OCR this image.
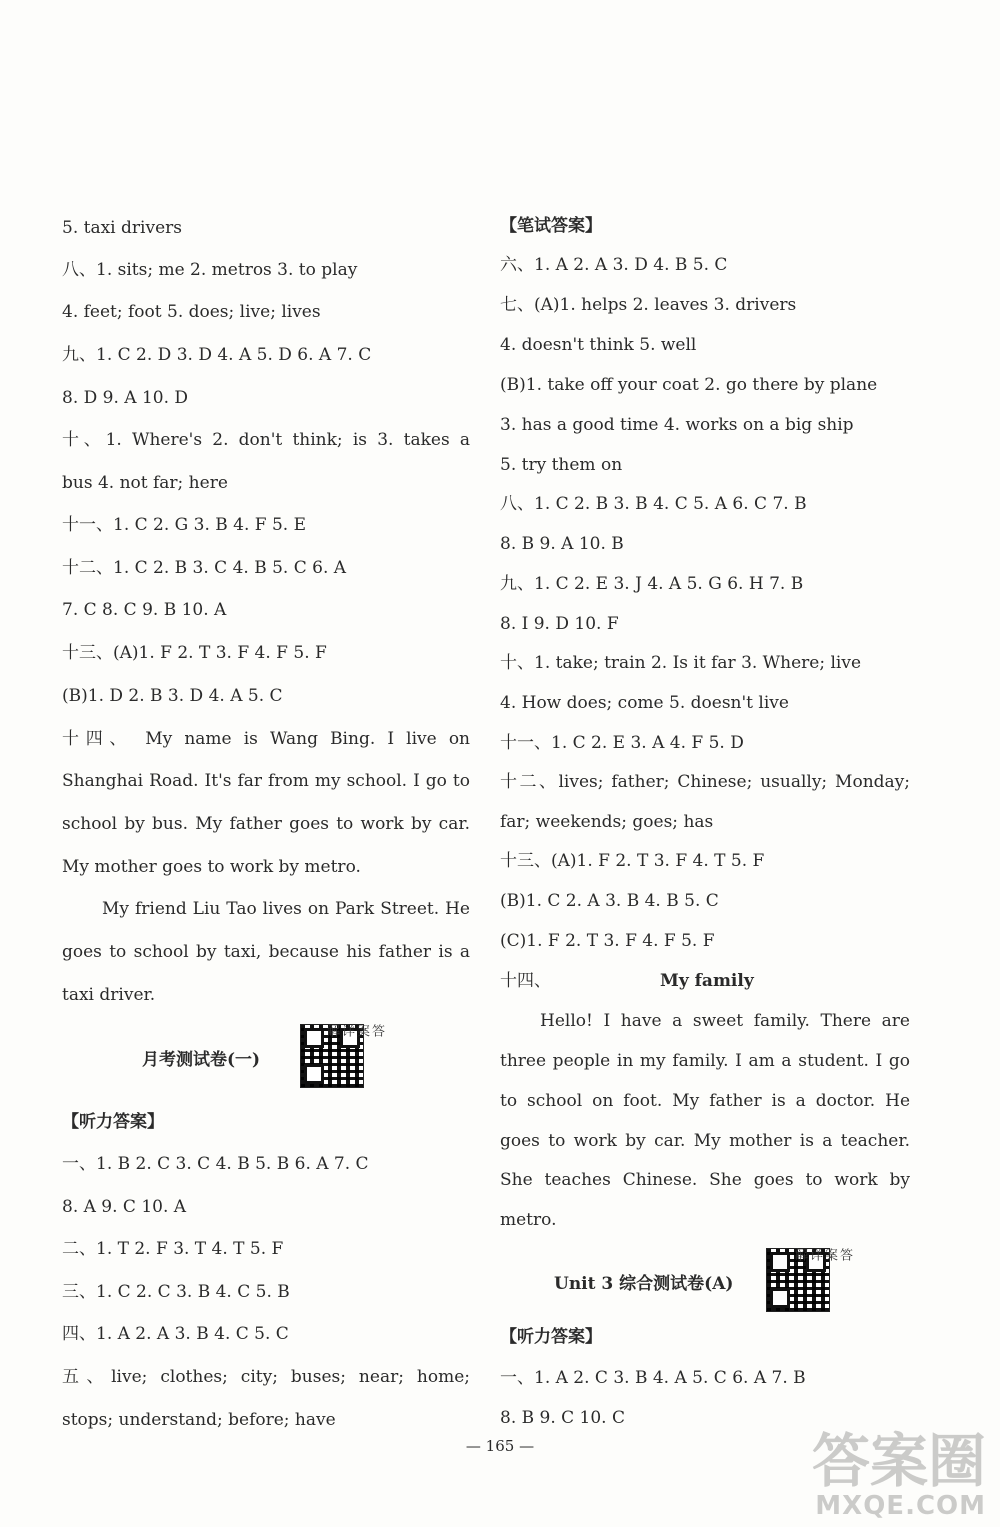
5. taxi drivers
八、1. sits; me 2. metros 3. to play
4. feet; foot 5. does; live; lives
九、1. C 2. D 3. D 4. A 5. D 6. A 7. C
8. D 9. A 10. D
十、1. Where's 2. don't think; is 3. takes a
bus 4. not far; here
十一、1. C 2. G 3. B 4. F 5. E
十二、1. C 2. B 3. C 4. B 5. C 6. A
7. C 8. C 9. B 10. A
十三、(A)1. F 2. T 3. F 4. F 5. F
(B)1. D 2. B 3. D 4. A 5. C
十四、 My name is Wang Bing. I live on
Shanghai Road. It's far from my school. I go to
school by bus. My father goes to work by car.
My mother goes to work by metro.
My friend Liu Tao lives on Park Street. He
goes to school by taxi, because his father is a
taxi driver.
月考测试卷(一)
答案详解
【听力答案】
一、1. B 2. C 3. C 4. B 5. B 6. A 7. C
8. A 9. C 10. A
二、1. T 2. F 3. T 4. T 5. F
三、1. C 2. C 3. B 4. C 5. B
四、1. A 2. A 3. B 4. C 5. C
五、live; clothes; city; buses; near; home;
stops; understand; before; have
【笔试答案】
六、1. A 2. A 3. D 4. B 5. C
七、(A)1. helps 2. leaves 3. drivers
4. doesn't think 5. well
(B)1. take off your coat 2. go there by plane
3. has a good time 4. works on a big ship
5. try them on
八、1. C 2. B 3. B 4. C 5. A 6. C 7. B
8. B 9. A 10. B
九、1. C 2. E 3. J 4. A 5. G 6. H 7. B
8. I 9. D 10. F
十、1. take; train 2. Is it far 3. Where; live
4. How does; come 5. doesn't live
十一、1. C 2. E 3. A 4. F 5. D
十二、lives; father; Chinese; usually; Monday;
far; weekends; goes; has
十三、(A)1. F 2. T 3. F 4. T 5. F
(B)1. C 2. A 3. B 4. B 5. C
(C)1. F 2. T 3. F 4. F 5. F
十四、	My family
Hello! I have a sweet family. There are
three people in my family. I am a student. I go
to school on foot. My father is a doctor. He
goes to work by car. My mother is a teacher.
She teaches Chinese. She goes to work by
metro.
Unit 3 综合测试卷(A)
答案详解
【听力答案】
一、1. A 2. C 3. B 4. A 5. C 6. A 7. B
8. B 9. C 10. C
— 165 —	答案圈
MXQE.COM
